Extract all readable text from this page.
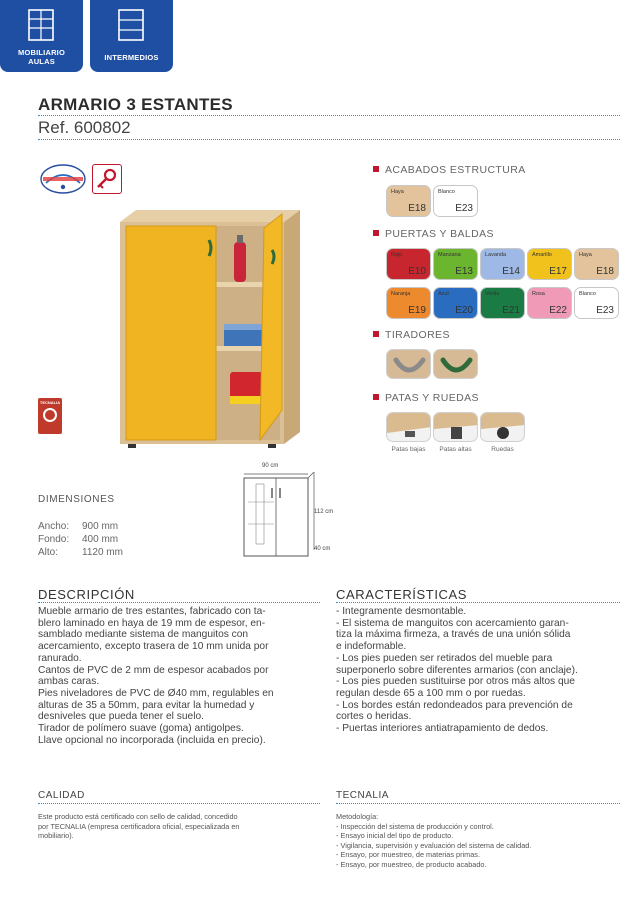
MOBILIARIO
AULAS	INTERMEDIOS
ARMARIO 3 ESTANTES
Ref. 600802
TECNALIA
90 cm
112 cm
40 cm
DIMENSIONES
Ancho: 900 mm
Fondo: 400 mm
Alto: 1120 mm
ACABADOS ESTRUCTURA
Haya
E18
Blanco
E23
PUERTAS Y BALDAS
Rojo
E10
Manzana
E13
Lavanda
E14
Amarillo
E17
Haya
E18
Naranja
E19
Azul
E20
Verde
E21
Rosa
E22
Blanco
E23
TIRADORES
PATAS Y RUEDAS
Patas bajas	Patas altas	Ruedas
DESCRIPCIÓN

Mueble armario de tres estantes, fabricado con ta-

blero laminado en haya de 19 mm de espesor, en-

samblado mediante sistema de manguitos con

acercamiento, excepto trasera de 10 mm unida por

ranurado.

Cantos de PVC de 2 mm de espesor acabados por

ambas caras.

Pies niveladores de PVC de Ø40 mm, regulables en

alturas de 35 a 50mm, para evitar la humedad y

desniveles que pueda tener el suelo.

Tirador de polímero suave (goma) antigolpes.

Llave opcional no incorporada (incluida en precio).

CARACTERÍSTICAS

- Integramente desmontable.

- El sistema de manguitos con acercamiento garan-

tiza la máxima firmeza, a través de una unión sólida

e indeformable.

- Los pies pueden ser retirados del mueble para

superponerlo sobre diferentes armarios (con anclaje).

- Los pies pueden sustituirse por otros más altos que

regulan desde 65 a 100 mm o por ruedas.

- Los bordes están redondeados para prevención de

cortes o heridas.

- Puertas interiores antiatrapamiento de dedos.

CALIDAD

Este producto está certificado con sello de calidad, concedido

por TECNALIA (empresa certificadora oficial, especializada en

mobiliario).

TECNALIA

Metodología:

- Inspección del sistema de producción y control.

- Ensayo inicial del tipo de producto.

- Vigilancia, supervisión y evaluación del sistema de calidad.

- Ensayo, por muestreo, de materias primas.

- Ensayo, por muestreo, de producto acabado.
